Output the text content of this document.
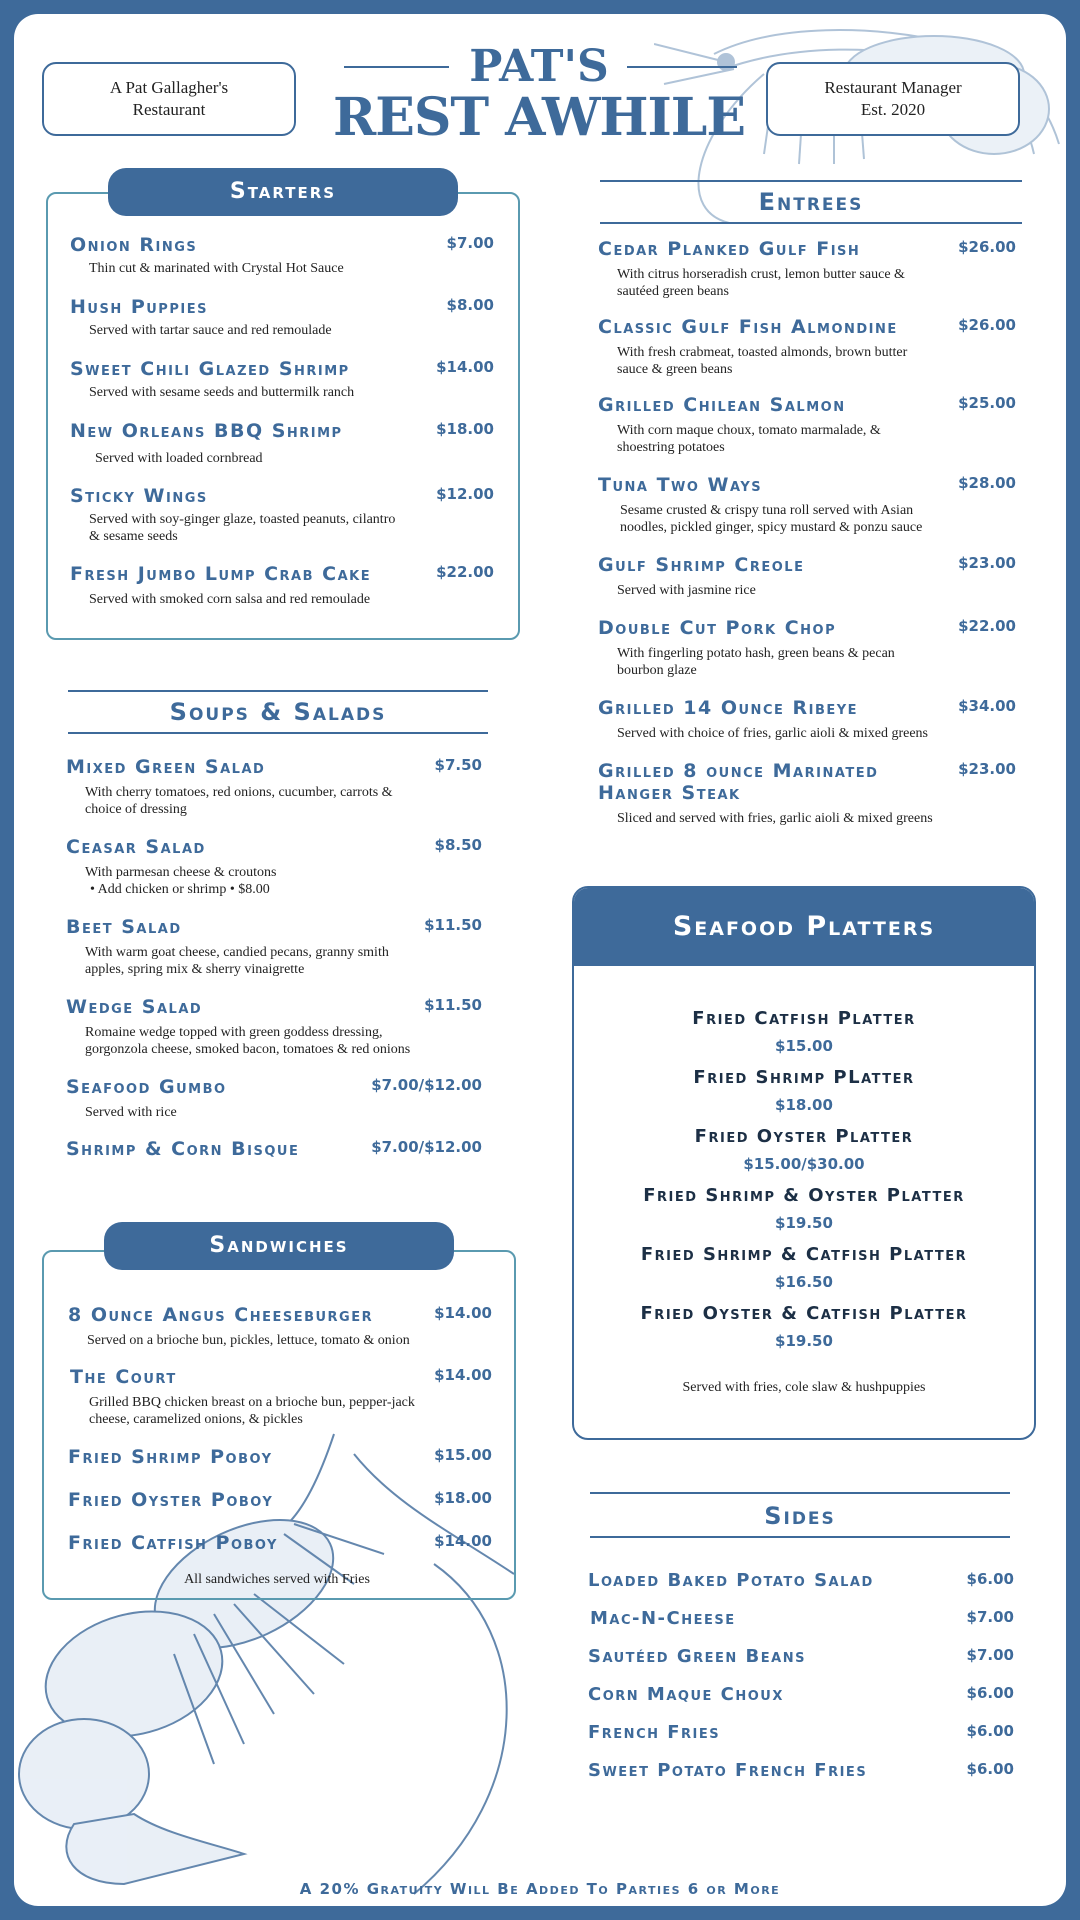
A Pat Gallagher's
Restaurant
PAT'S
REST AWHILE	Restaurant Manager
Est. 2020
Starters
Onion Rings
Thin cut & marinated with Crystal Hot Sauce
$7.00
Hush Puppies
Served with tartar sauce and red remoulade
$8.00
Sweet Chili Glazed Shrimp
Served with sesame seeds and buttermilk ranch
$14.00
New Orleans BBQ Shrimp
Served with loaded cornbread
$18.00
Sticky Wings
Served with soy-ginger glaze, toasted peanuts, cilantro
& sesame seeds
$12.00
Fresh Jumbo Lump Crab Cake
Served with smoked corn salsa and red remoulade
$22.00
Soups & Salads
Mixed Green Salad
With cherry tomatoes, red onions, cucumber, carrots &
choice of dressing
$7.50
Ceasar Salad
With parmesan cheese & croutons
• Add chicken or shrimp • $8.00
$8.50
Beet Salad
With warm goat cheese, candied pecans, granny smith
apples, spring mix & sherry vinaigrette
$11.50
Wedge Salad
Romaine wedge topped with green goddess dressing,
gorgonzola cheese, smoked bacon, tomatoes & red onions
$11.50
Seafood Gumbo
Served with rice
$7.00/$12.00
Shrimp & Corn Bisque	$7.00/$12.00
Sandwiches
8 Ounce Angus Cheeseburger
Served on a brioche bun, pickles, lettuce, tomato & onion
$14.00
The Court
Grilled BBQ chicken breast on a brioche bun, pepper-jack
cheese, caramelized onions, & pickles
$14.00
Fried Shrimp Poboy	$15.00
Fried Oyster Poboy	$18.00
Fried Catfish Poboy	$14.00
All sandwiches served with Fries
Entrees
Cedar Planked Gulf Fish
With citrus horseradish crust, lemon butter sauce &
sautéed green beans
$26.00
Classic Gulf Fish Almondine
With fresh crabmeat, toasted almonds, brown butter
sauce & green beans
$26.00
Grilled Chilean Salmon
With corn maque choux, tomato marmalade, &
shoestring potatoes
$25.00
Tuna Two Ways
Sesame crusted & crispy tuna roll served with Asian
noodles, pickled ginger, spicy mustard & ponzu sauce
$28.00
Gulf Shrimp Creole
Served with jasmine rice
$23.00
Double Cut Pork Chop
With fingerling potato hash, green beans & pecan
bourbon glaze
$22.00
Grilled 14 Ounce Ribeye
Served with choice of fries, garlic aioli & mixed greens
$34.00
Grilled 8 ounce Marinated
Hanger Steak
Sliced and served with fries, garlic aioli & mixed greens
$23.00
Seafood Platters
Fried Catfish Platter
$15.00
Fried Shrimp PLatter
$18.00
Fried Oyster Platter
$15.00/$30.00
Fried Shrimp & Oyster Platter
$19.50
Fried Shrimp & Catfish Platter
$16.50
Fried Oyster & Catfish Platter
$19.50
Served with fries, cole slaw & hushpuppies
Sides
Loaded Baked Potato Salad	$6.00
Mac-N-Cheese	$7.00
Sautéed Green Beans	$7.00
Corn Maque Choux	$6.00
French Fries	$6.00
Sweet Potato French Fries	$6.00
A 20% Gratuity Will Be Added To Parties 6 or More
